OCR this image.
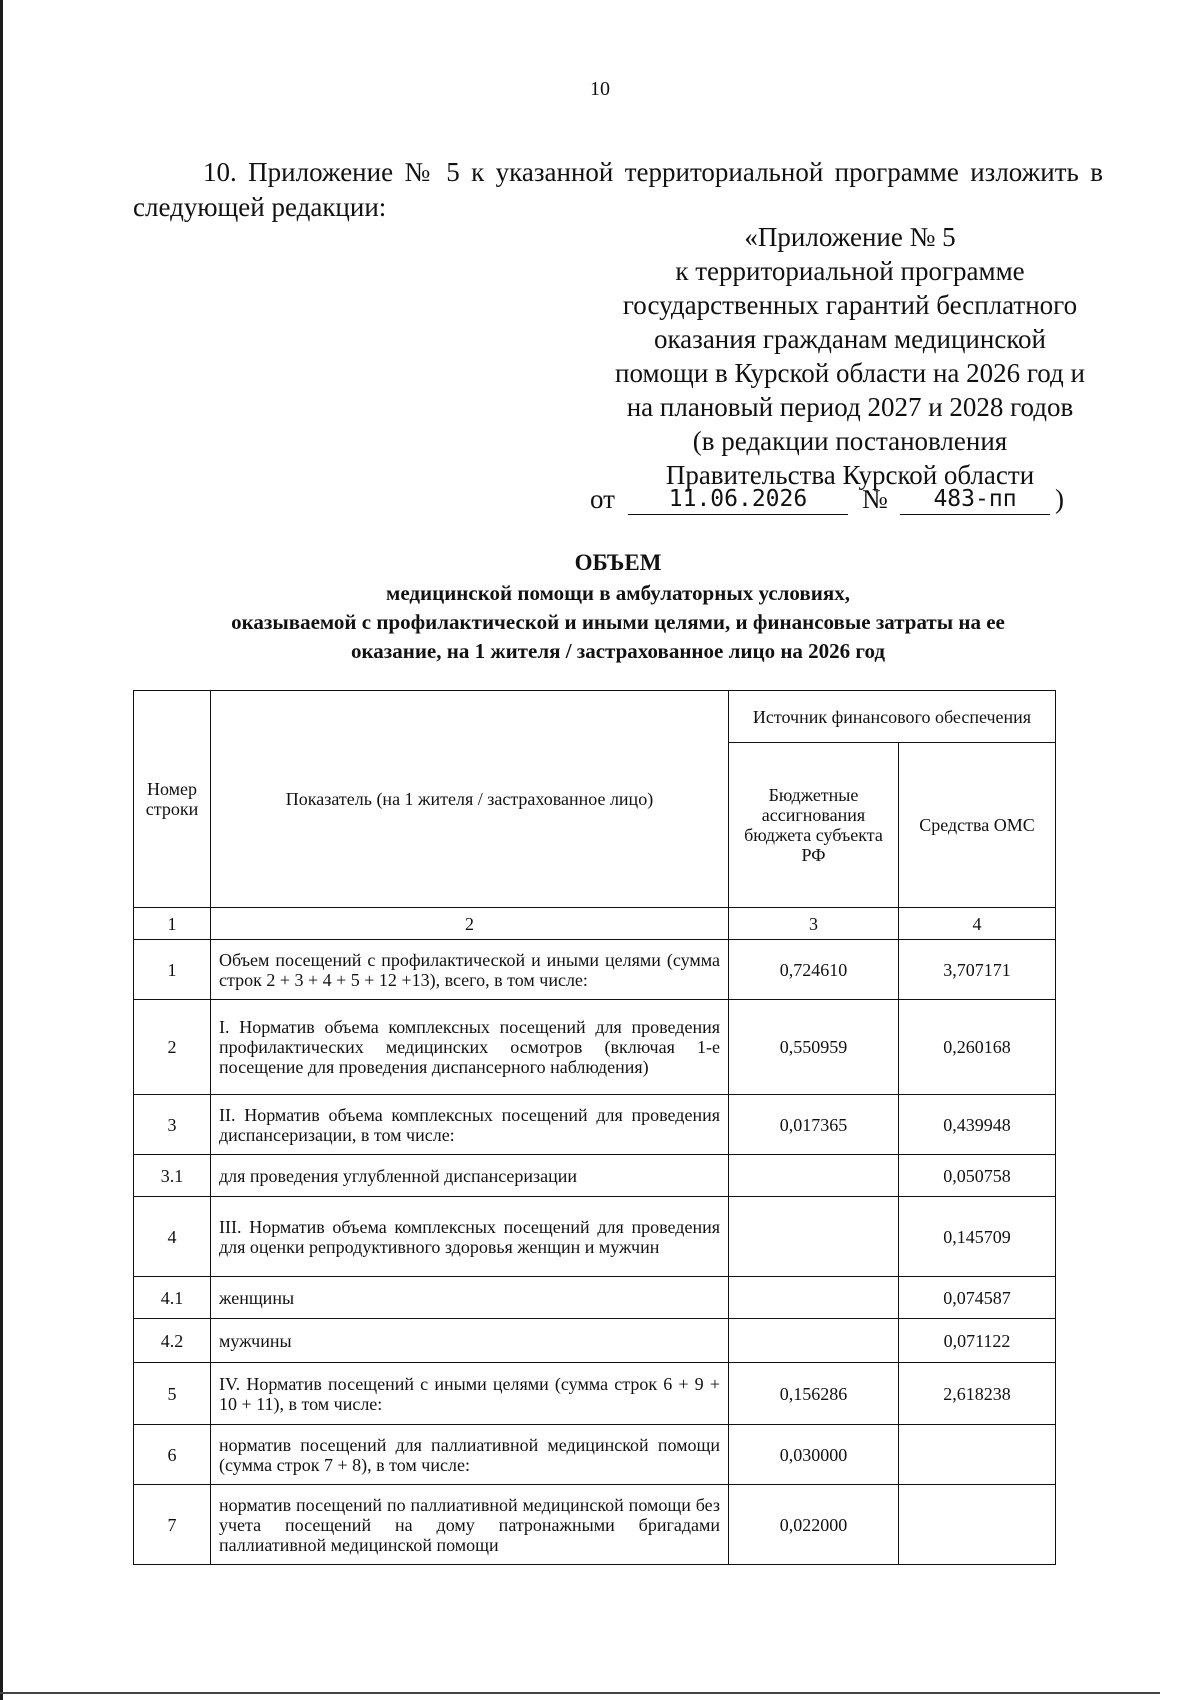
10
10. Приложение № 5 к указанной территориальной программе изложить в
следующей редакции:
«Приложение № 5
к территориальной программе
государственных гарантий бесплатного
оказания гражданам медицинской
помощи в Курской области на 2026 год и
на плановый период 2027 и 2028 годов
(в редакции постановления
Правительства Курской области
от	11.06.2026	№	483-пп	)
ОБЪЕМ
медицинской помощи в амбулаторных условиях,
оказываемой с профилактической и иными целями, и финансовые затраты на ее
оказание, на 1 жителя / застрахованное лицо на 2026 год
Номер строки	Показатель (на 1 жителя / застрахованное лицо)	Источник финансового обеспечения	
		Бюджетные ассигнования бюджета субъекта РФ	Средства ОМС
1	2	3	4
1	Объем посещений с профилактической и иными целями (сумма строк 2 + 3 + 4 + 5 + 12 +13), всего, в том числе:	0,724610	3,707171
2	I. Норматив объема комплексных посещений для проведения профилактических медицинских осмотров (включая 1-е посещение для проведения диспансерного наблюдения)	0,550959	0,260168
3	II. Норматив объема комплексных посещений для проведения диспансеризации, в том числе:	0,017365	0,439948
3.1	для проведения углубленной диспансеризации		0,050758
4	III. Норматив объема комплексных посещений для проведения для оценки репродуктивного здоровья женщин и мужчин		0,145709
4.1	женщины		0,074587
4.2	мужчины		0,071122
5	IV. Норматив посещений с иными целями (сумма строк 6 + 9 + 10 + 11), в том числе:	0,156286	2,618238
6	норматив посещений для паллиативной медицинской помощи (сумма строк 7 + 8), в том числе:	0,030000	
7	норматив посещений по паллиативной медицинской помощи без учета посещений на дому патронажными бригадами паллиативной медицинской помощи	0,022000	
